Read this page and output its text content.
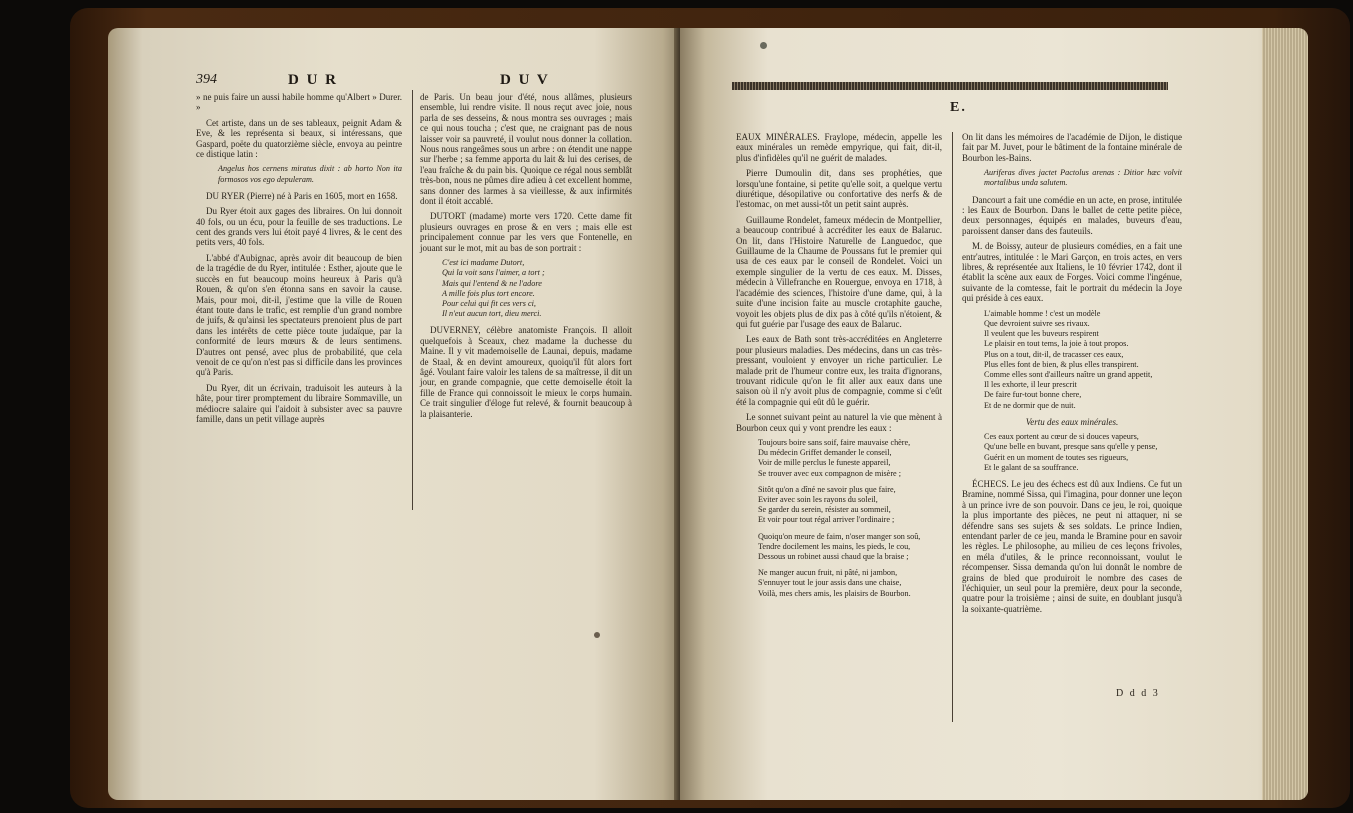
394	D U R	D U V

» ne puis faire un aussi habile homme qu'Albert » Durer. »

Cet artiste, dans un de ses tableaux, peignit Adam & Eve, & les représenta si beaux, si intéressans, que Gaspard, poëte du quatorzième siècle, envoya au peintre ce distique latin :

Angelus hos cernens miratus dixit : ab horto Non ita formosos vos ego depuleram.

DU RYER (Pierre) né à Paris en 1605, mort en 1658.

Du Ryer étoit aux gages des libraires. On lui donnoit 40 fols, ou un écu, pour la feuille de ses traductions. Le cent des grands vers lui étoit payé 4 livres, & le cent des petits vers, 40 fols.

L'abbé d'Aubignac, après avoir dit beaucoup de bien de la tragédie de du Ryer, intitulée : Esther, ajoute que le succès en fut beaucoup moins heureux à Paris qu'à Rouen, & qu'on s'en étonna sans en savoir la cause. Mais, pour moi, dit-il, j'estime que la ville de Rouen étant toute dans le trafic, est remplie d'un grand nombre de juifs, & qu'ainsi les spectateurs prenoient plus de part dans les intérêts de cette pièce toute judaïque, par la conformité de leurs mœurs & de leurs sentimens. D'autres ont pensé, avec plus de probabilité, que cela venoit de ce qu'on n'est pas si difficile dans les provinces qu'à Paris.

Du Ryer, dit un écrivain, traduisoit les auteurs à la hâte, pour tirer promptement du libraire Sommaville, un médiocre salaire qui l'aidoit à subsister avec sa pauvre famille, dans un petit village auprès

de Paris. Un beau jour d'été, nous allâmes, plusieurs ensemble, lui rendre visite. Il nous reçut avec joie, nous parla de ses desseins, & nous montra ses ouvrages ; mais ce qui nous toucha ; c'est que, ne craignant pas de nous laisser voir sa pauvreté, il voulut nous donner la collation. Nous nous rangeâmes sous un arbre : on étendit une nappe sur l'herbe ; sa femme apporta du lait & lui des cerises, de l'eau fraîche & du pain bis. Quoique ce régal nous semblât très-bon, nous ne pûmes dire adieu à cet excellent homme, sans donner des larmes à sa vieillesse, & aux infirmités dont il étoit accablé.

DUTORT (madame) morte vers 1720. Cette dame fit plusieurs ouvrages en prose & en vers ; mais elle est principalement connue par les vers que Fontenelle, en jouant sur le mot, mit au bas de son portrait :

C'est ici madame Dutort,
Qui la voit sans l'aimer, a tort ;
Mais qui l'entend & ne l'adore
A mille fois plus tort encore.
Pour celui qui fit ces vers ci,
Il n'eut aucun tort, dieu merci.

DUVERNEY, célèbre anatomiste François. Il alloit quelquefois à Sceaux, chez madame la duchesse du Maine. Il y vit mademoiselle de Launai, depuis, madame de Staal, & en devint amoureux, quoiqu'il fût alors fort âgé. Voulant faire valoir les talens de sa maîtresse, il dit un jour, en grande compagnie, que cette demoiselle étoit la fille de France qui connoissoit le mieux le corps humain. Ce trait singulier d'éloge fut relevé, & fournit beaucoup à la plaisanterie.

E.

EAUX MINÉRALES. Fraylope, médecin, appelle les eaux minérales un remède empyrique, qui fait, dit-il, plus d'infidèles qu'il ne guérit de malades.

Pierre Dumoulin dit, dans ses prophéties, que lorsqu'une fontaine, si petite qu'elle soit, a quelque vertu diurétique, désopilative ou confortative des nerfs & de l'estomac, on met aussi-tôt un petit saint auprès.

Guillaume Rondelet, fameux médecin de Montpellier, a beaucoup contribué à accréditer les eaux de Balaruc. On lit, dans l'Histoire Naturelle de Languedoc, que Guillaume de la Chaume de Poussans fut le premier qui usa de ces eaux par le conseil de Rondelet. Voici un exemple singulier de la vertu de ces eaux. M. Disses, médecin à Villefranche en Rouergue, envoya en 1718, à l'académie des sciences, l'histoire d'une dame, qui, à la suite d'une incision faite au muscle crotaphite gauche, voyoit les objets plus de dix pas à côté qu'ils n'étoient, & qui fut guérie par l'usage des eaux de Balaruc.

Les eaux de Bath sont très-accréditées en Angleterre pour plusieurs maladies. Des médecins, dans un cas très-pressant, vouloient y envoyer un riche particulier. Le malade prit de l'humeur contre eux, les traita d'ignorans, trouvant ridicule qu'on le fit aller aux eaux dans une saison où il n'y avoit plus de compagnie, comme si c'eût été la compagnie qui eût dû le guérir.

Le sonnet suivant peint au naturel la vie que mènent à Bourbon ceux qui y vont prendre les eaux :

Toujours boire sans soif, faire mauvaise chère,
Du médecin Griffet demander le conseil,
Voir de mille perclus le funeste appareil,
Se trouver avec eux compagnon de misère ;

Sitôt qu'on a dîné ne savoir plus que faire,
Eviter avec soin les rayons du soleil,
Se garder du serein, résister au sommeil,
Et voir pour tout régal arriver l'ordinaire ;

Quoiqu'on meure de faim, n'oser manger son soû,
Tendre docilement les mains, les pieds, le cou,
Dessous un robinet aussi chaud que la braise ;

Ne manger aucun fruit, ni pâté, ni jambon,
S'ennuyer tout le jour assis dans une chaise,
Voilà, mes chers amis, les plaisirs de Bourbon.

On lit dans les mémoires de l'académie de Dijon, le distique fait par M. Juvet, pour le bâtiment de la fontaine minérale de Bourbon les-Bains.

Auriferas dives jactet Pactolus arenas : Ditior hæc volvit mortalibus unda salutem.

Dancourt a fait une comédie en un acte, en prose, intitulée : les Eaux de Bourbon. Dans le ballet de cette petite pièce, deux personnages, équipés en malades, buveurs d'eau, paroissent danser dans des fauteuils.

M. de Boissy, auteur de plusieurs comédies, en a fait une entr'autres, intitulée : le Mari Garçon, en trois actes, en vers libres, & représentée aux Italiens, le 10 février 1742, dont il établit la scène aux eaux de Forges. Voici comme l'ingénue, suivante de la comtesse, fait le portrait du médecin la Joye qui préside à ces eaux.

L'aimable homme ! c'est un modèle
Que devroient suivre ses rivaux.
Il veulent que les buveurs respirent
Le plaisir en tout tems, la joie à tout propos.
Plus on a tout, dit-il, de tracasser ces eaux,
Plus elles font de bien, & plus elles transpirent.
Comme elles sont d'ailleurs naître un grand appetit,
Il les exhorte, il leur prescrit
De faire fur-tout bonne chere,
Et de ne dormir que de nuit.

Vertu des eaux minérales.

Ces eaux portent au cœur de si douces vapeurs,
Qu'une belle en buvant, presque sans qu'elle y pense,
Guérit en un moment de toutes ses rigueurs,
Et le galant de sa souffrance.

ÉCHECS. Le jeu des échecs est dû aux Indiens. Ce fut un Bramine, nommé Sissa, qui l'imagina, pour donner une leçon à un prince ivre de son pouvoir. Dans ce jeu, le roi, quoique la plus importante des pièces, ne peut ni attaquer, ni se défendre sans ses sujets & ses soldats. Le prince Indien, entendant parler de ce jeu, manda le Bramine pour en savoir les règles. Le philosophe, au milieu de ces leçons frivoles, en méla d'utiles, & le prince reconnoissant, voulut le récompenser. Sissa demanda qu'on lui donnât le nombre de grains de bled que produiroit le nombre des cases de l'échiquier, un seul pour la première, deux pour la seconde, quatre pour la troisième ; ainsi de suite, en doublant jusqu'à la soixante-quatrième.

D d d 3
